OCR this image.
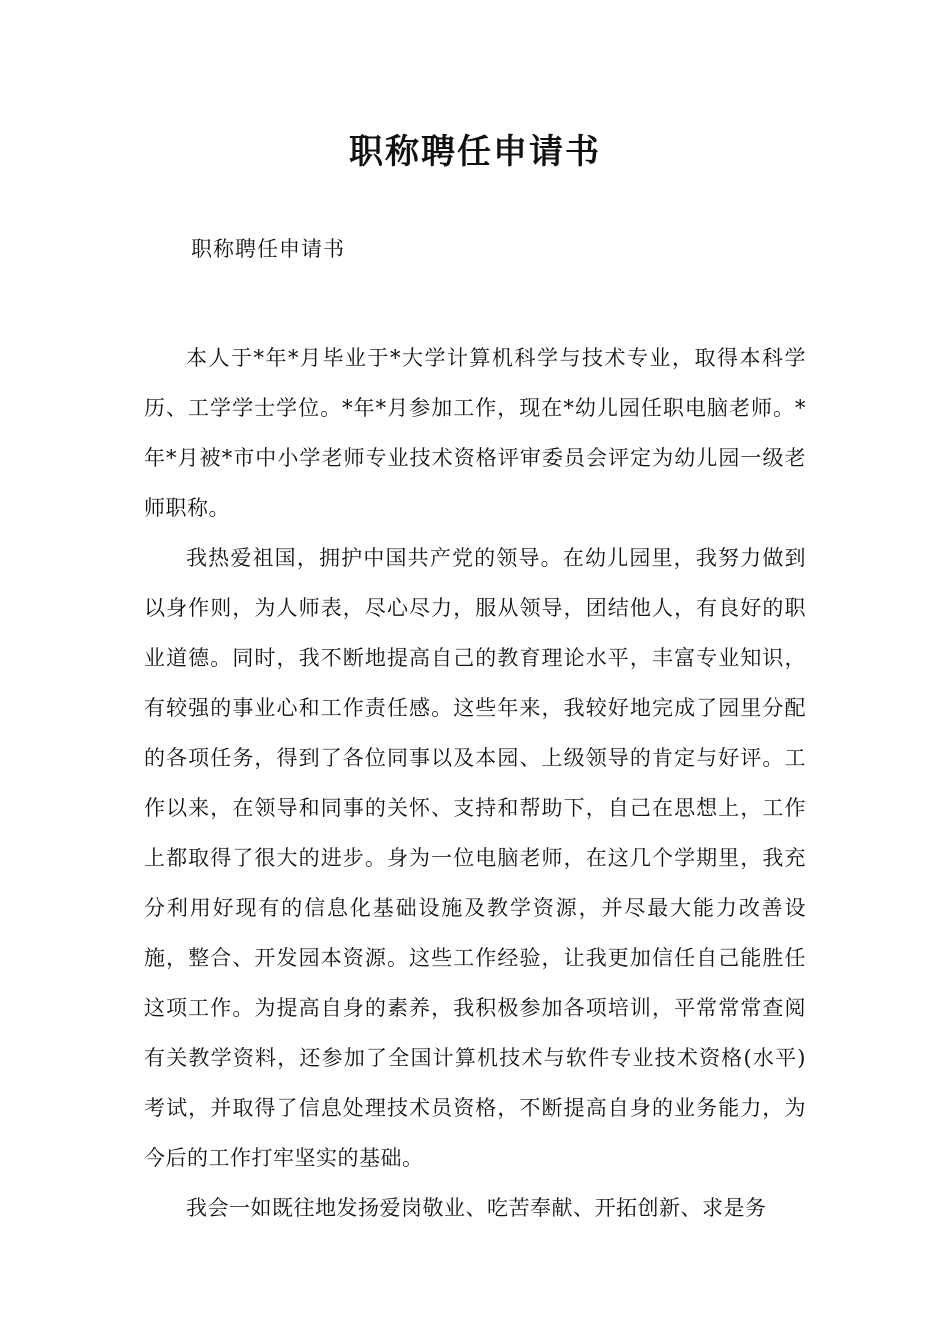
职称聘任申请书
职称聘任申请书

本人于*年*月毕业于*大学计算机科学与技术专业，取得本科学历、工学学士学位。*年*月参加工作，现在*幼儿园任职电脑老师。*年*月被*市中小学老师专业技术资格评审委员会评定为幼儿园一级老师职称。

我热爱祖国，拥护中国共产党的领导。在幼儿园里，我努力做到以身作则，为人师表，尽心尽力，服从领导，团结他人，有良好的职业道德。同时，我不断地提高自己的教育理论水平，丰富专业知识，有较强的事业心和工作责任感。这些年来，我较好地完成了园里分配的各项任务，得到了各位同事以及本园、上级领导的肯定与好评。工作以来，在领导和同事的关怀、支持和帮助下，自己在思想上，工作上都取得了很大的进步。身为一位电脑老师，在这几个学期里，我充分利用好现有的信息化基础设施及教学资源，并尽最大能力改善设施，整合、开发园本资源。这些工作经验，让我更加信任自己能胜任这项工作。为提高自身的素养，我积极参加各项培训，平常常常查阅有关教学资料，还参加了全国计算机技术与软件专业技术资格(水平)考试，并取得了信息处理技术员资格，不断提高自身的业务能力，为今后的工作打牢坚实的基础。

我会一如既往地发扬爱岗敬业、吃苦奉献、开拓创新、求是务
